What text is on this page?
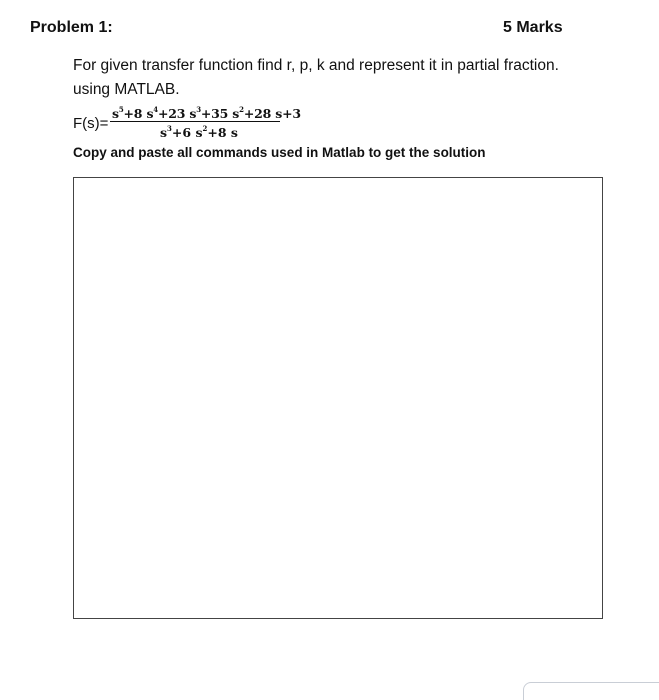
Problem 1:	5 Marks
For given transfer function find r, p, k and represent it in partial fraction.
using MATLAB.
F(s)=
$s^5+8$ $s^4+23$ $s^3+35$ $s^2+28$ s+3
$s^3+6$ $s^2+8$ s
Copy and paste all commands used in Matlab to get the solution
